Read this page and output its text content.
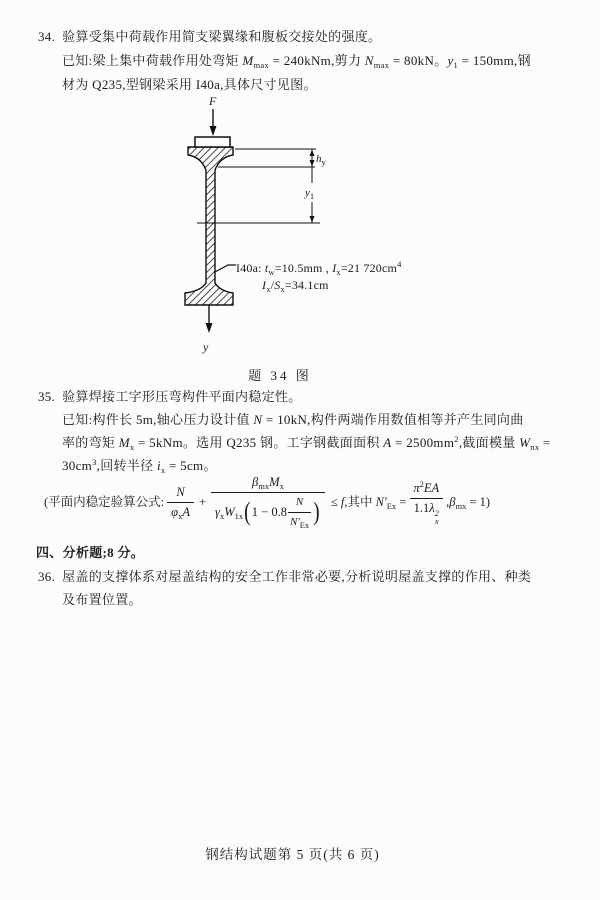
34. 验算受集中荷载作用简支梁翼缘和腹板交接处的强度。
已知:梁上集中荷载作用处弯矩 $M_{max} = 240kNm$,剪力 $N_{max} = 80kN$。$y_1 = 150mm$,钢
材为 Q235,型钢梁采用 I40a,具体尺寸见图。
F
$h_y$
$y_1$
I40a: $t_w=10.5mm$ , $I_x=21$ $720cm^4$
$I_x/S_x=34.1cm$
y
题 34 图
35. 验算焊接工字形压弯构件平面内稳定性。
已知:构件长 5m,轴心压力设计值 N = 10kN,构件两端作用数值相等并产生同向曲
率的弯矩 $M_x = 5kNm$。选用 Q235 钢。工字钢截面面积 $A = 2500mm^2$,截面模量 $W_{nx}$ =
$30cm^3$,回转半径 $i_x = 5cm$。
(平面内稳定验算公式: $\frac{N}{\varphi_xA}$ +
$\beta_{mx}M_x$
$\gamma_xW_{1x}$ ( $1 - 0.8 \frac{N}{N'_{Ex}}$ ) ≤ f,其中 $N'_{Ex} = \pi^2EA$
1.1λ 2
x $,\beta_{mx} = 1$)
四、分析题;8 分。
36. 屋盖的支撑体系对屋盖结构的安全工作非常必要,分析说明屋盖支撑的作用、种类
及布置位置。
钢结构试题第 5 页(共 6 页)
